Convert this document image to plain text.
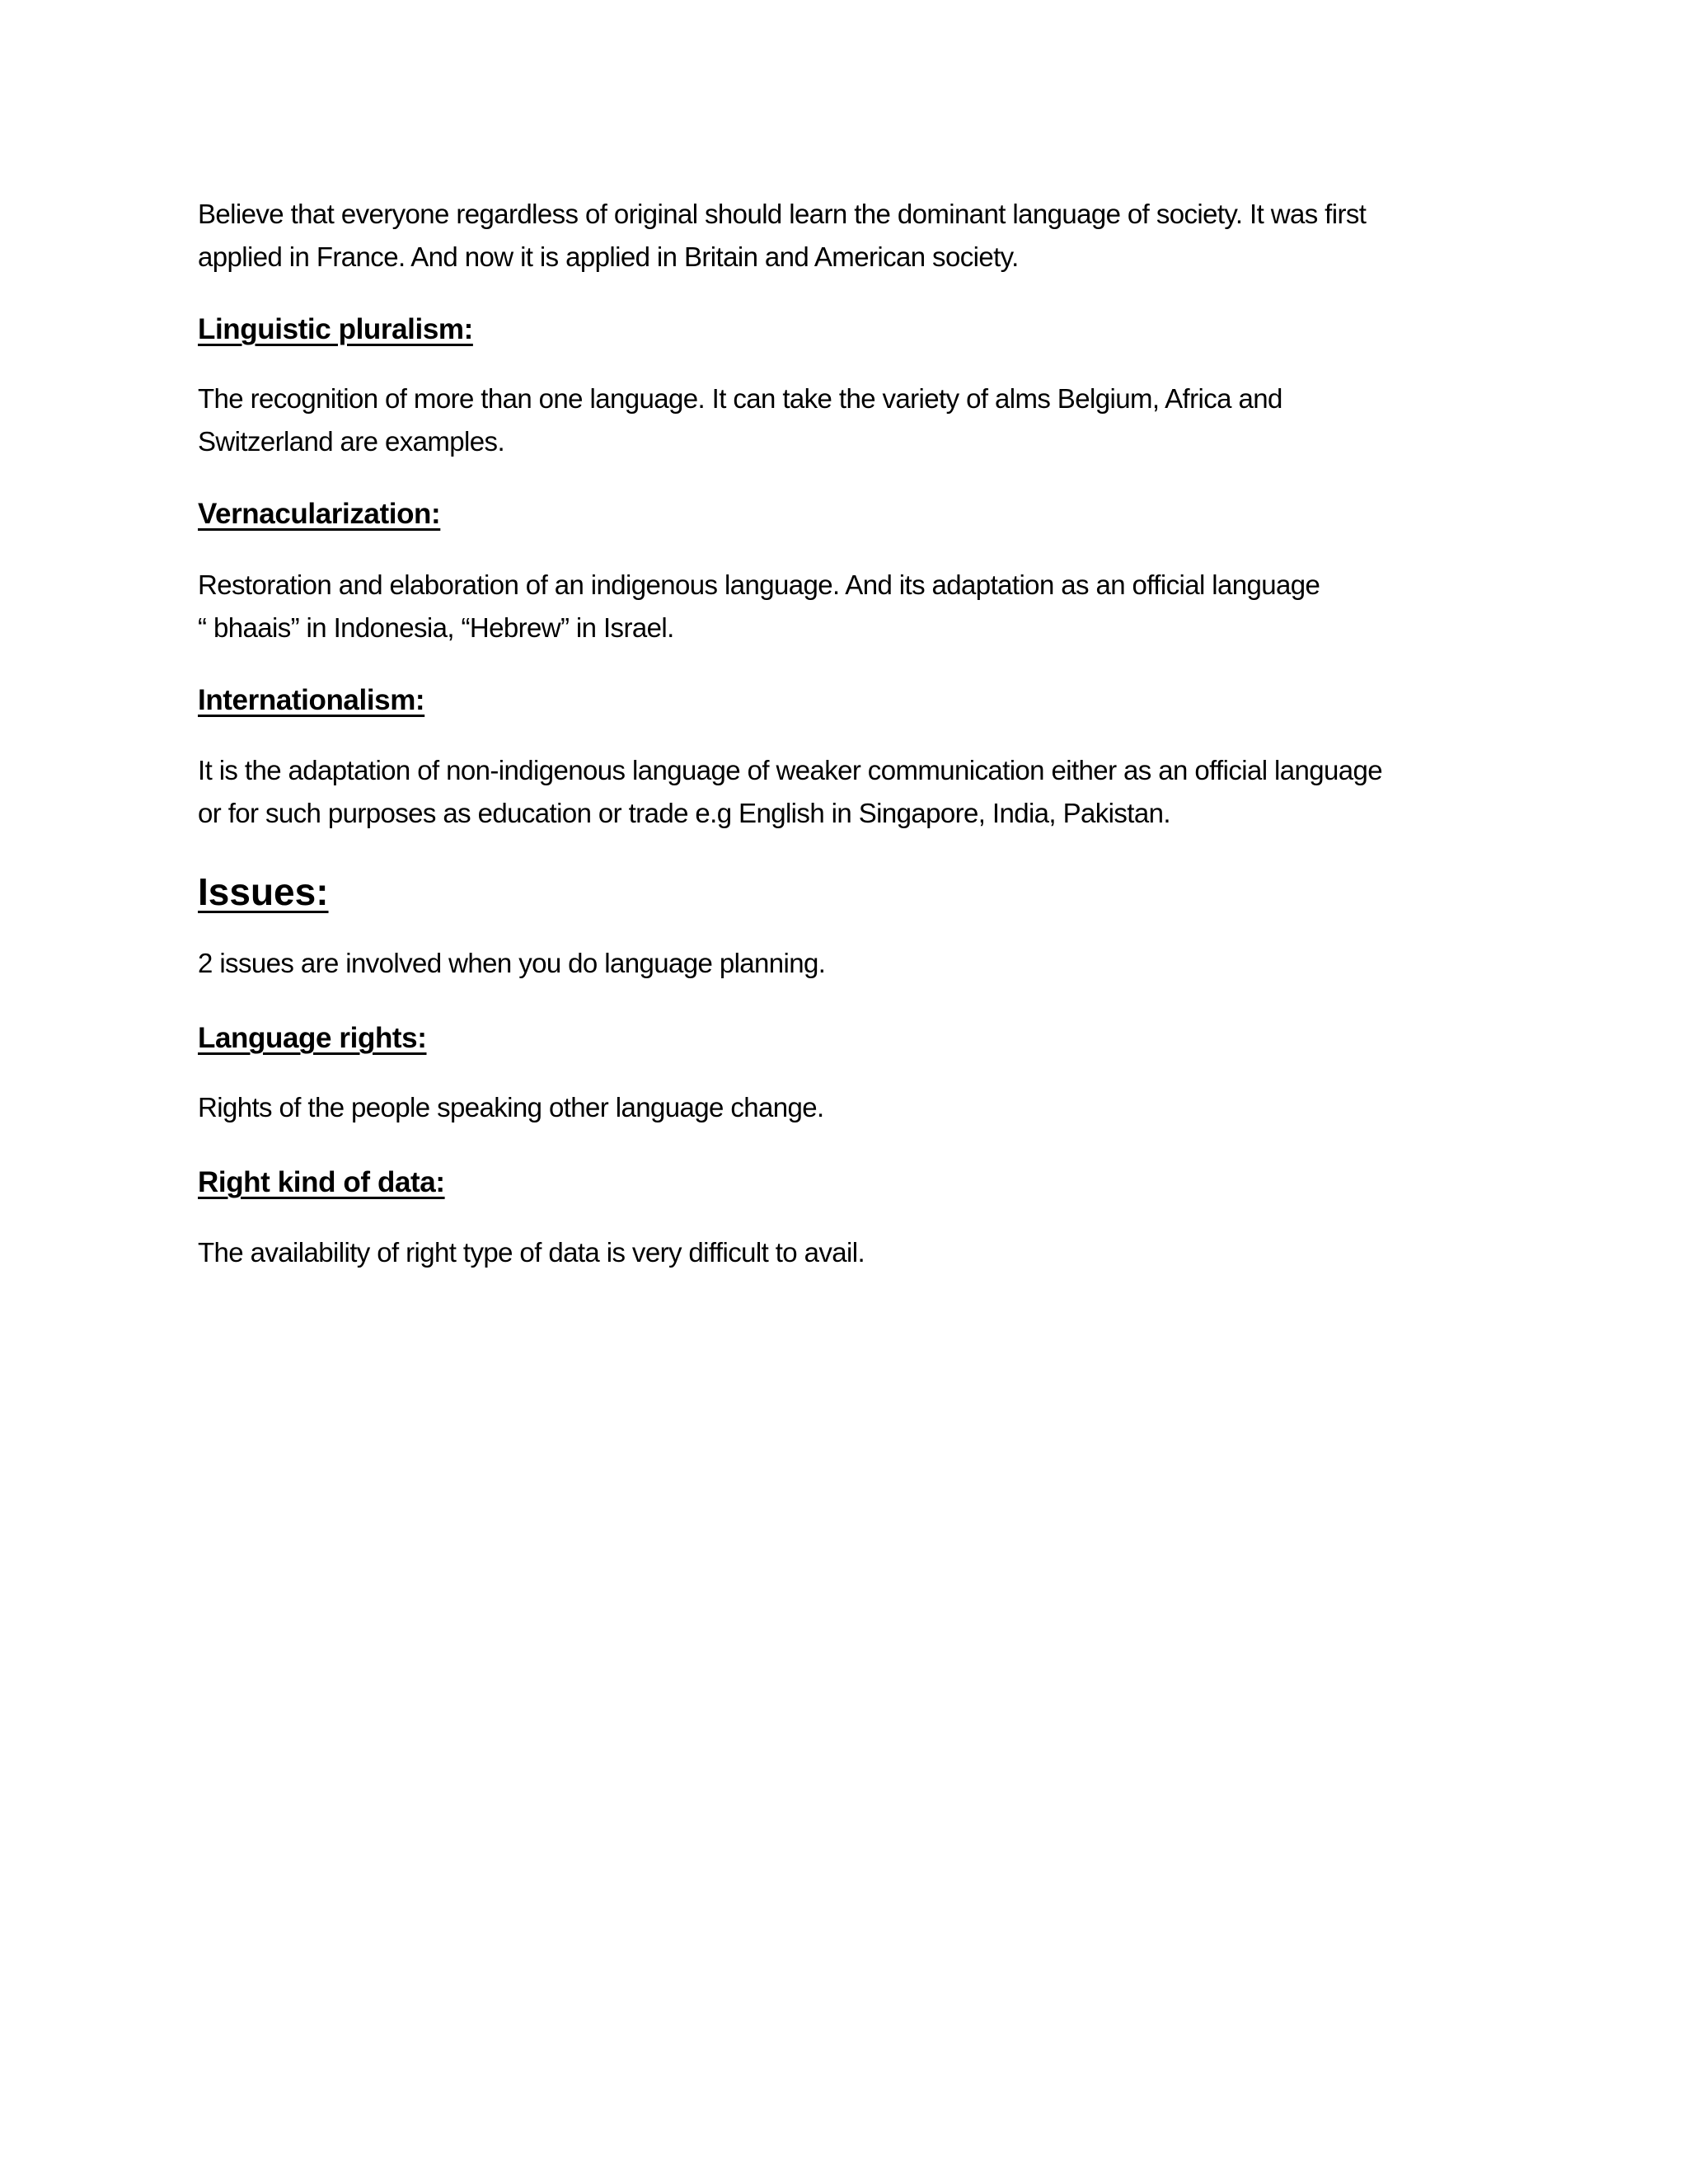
Believe that everyone regardless of original should learn the dominant language of society. It was first
applied in France. And now it is applied in Britain and American society.

Linguistic pluralism:

The recognition of more than one language. It can take the variety of alms Belgium, Africa and
Switzerland are examples.

Vernacularization:

Restoration and elaboration of an indigenous language. And its adaptation as an official language
“ bhaais” in Indonesia, “Hebrew” in Israel.

Internationalism:

It is the adaptation of non-indigenous language of weaker communication either as an official language
or for such purposes as education or trade e.g English in Singapore, India, Pakistan.

Issues:

2 issues are involved when you do language planning.

Language rights:

Rights of the people speaking other language change.

Right kind of data:

The availability of right type of data is very difficult to avail.
